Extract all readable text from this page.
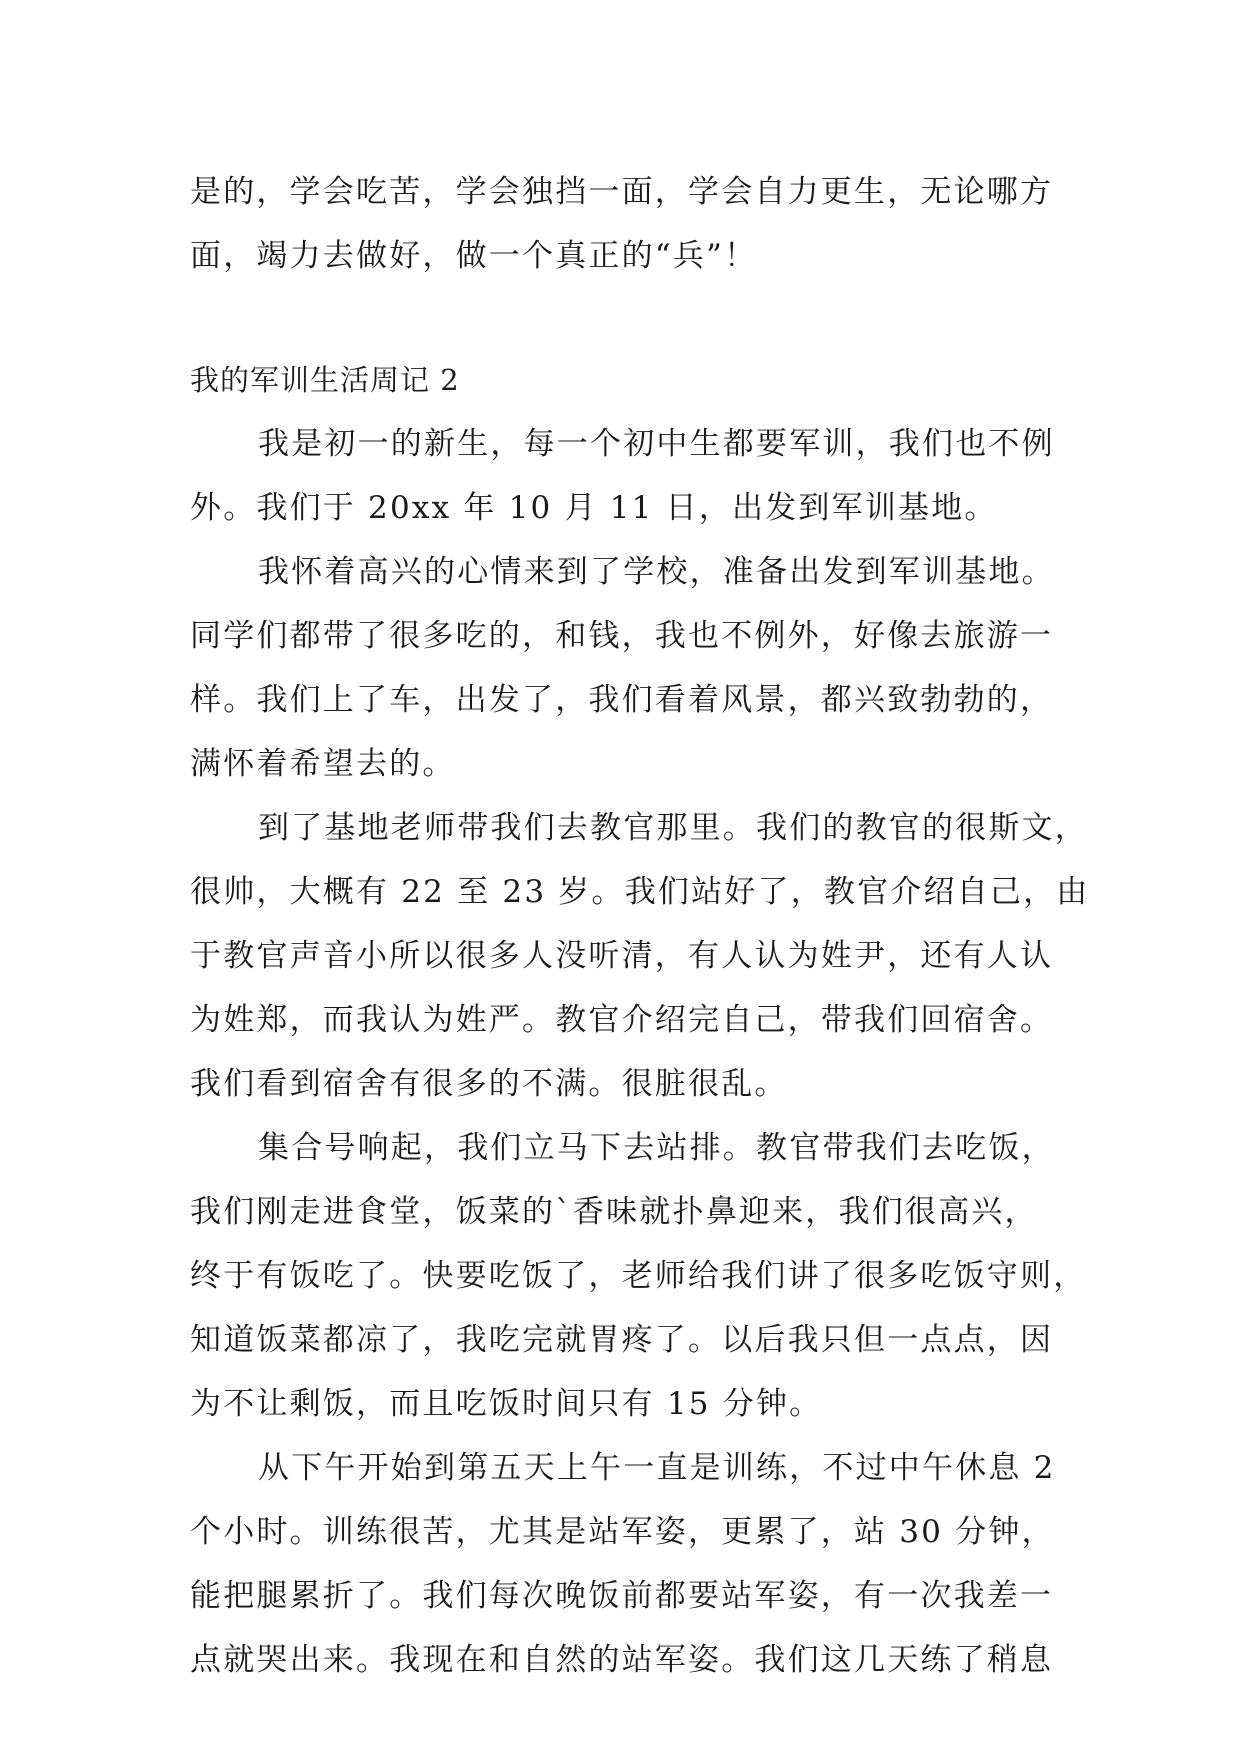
是的，学会吃苦，学会独挡一面，学会自力更生，无论哪方
面，竭力去做好，做一个真正的“兵”！
我的军训生活周记 2
我是初一的新生，每一个初中生都要军训，我们也不例
外。我们于 20xx 年 10 月 11 日，出发到军训基地。
我怀着高兴的心情来到了学校，准备出发到军训基地。
同学们都带了很多吃的，和钱，我也不例外，好像去旅游一
样。我们上了车，出发了，我们看着风景，都兴致勃勃的，
满怀着希望去的。
到了基地老师带我们去教官那里。我们的教官的很斯文，
很帅，大概有 22 至 23 岁。我们站好了，教官介绍自己，由
于教官声音小所以很多人没听清，有人认为姓尹，还有人认
为姓郑，而我认为姓严。教官介绍完自己，带我们回宿舍。
我们看到宿舍有很多的不满。很脏很乱。
集合号响起，我们立马下去站排。教官带我们去吃饭，
我们刚走进食堂，饭菜的`香味就扑鼻迎来，我们很高兴，
终于有饭吃了。快要吃饭了，老师给我们讲了很多吃饭守则，
知道饭菜都凉了，我吃完就胃疼了。以后我只但一点点，因
为不让剩饭，而且吃饭时间只有 15 分钟。
从下午开始到第五天上午一直是训练，不过中午休息 2
个小时。训练很苦，尤其是站军姿，更累了，站 30 分钟，
能把腿累折了。我们每次晚饭前都要站军姿，有一次我差一
点就哭出来。我现在和自然的站军姿。我们这几天练了稍息
